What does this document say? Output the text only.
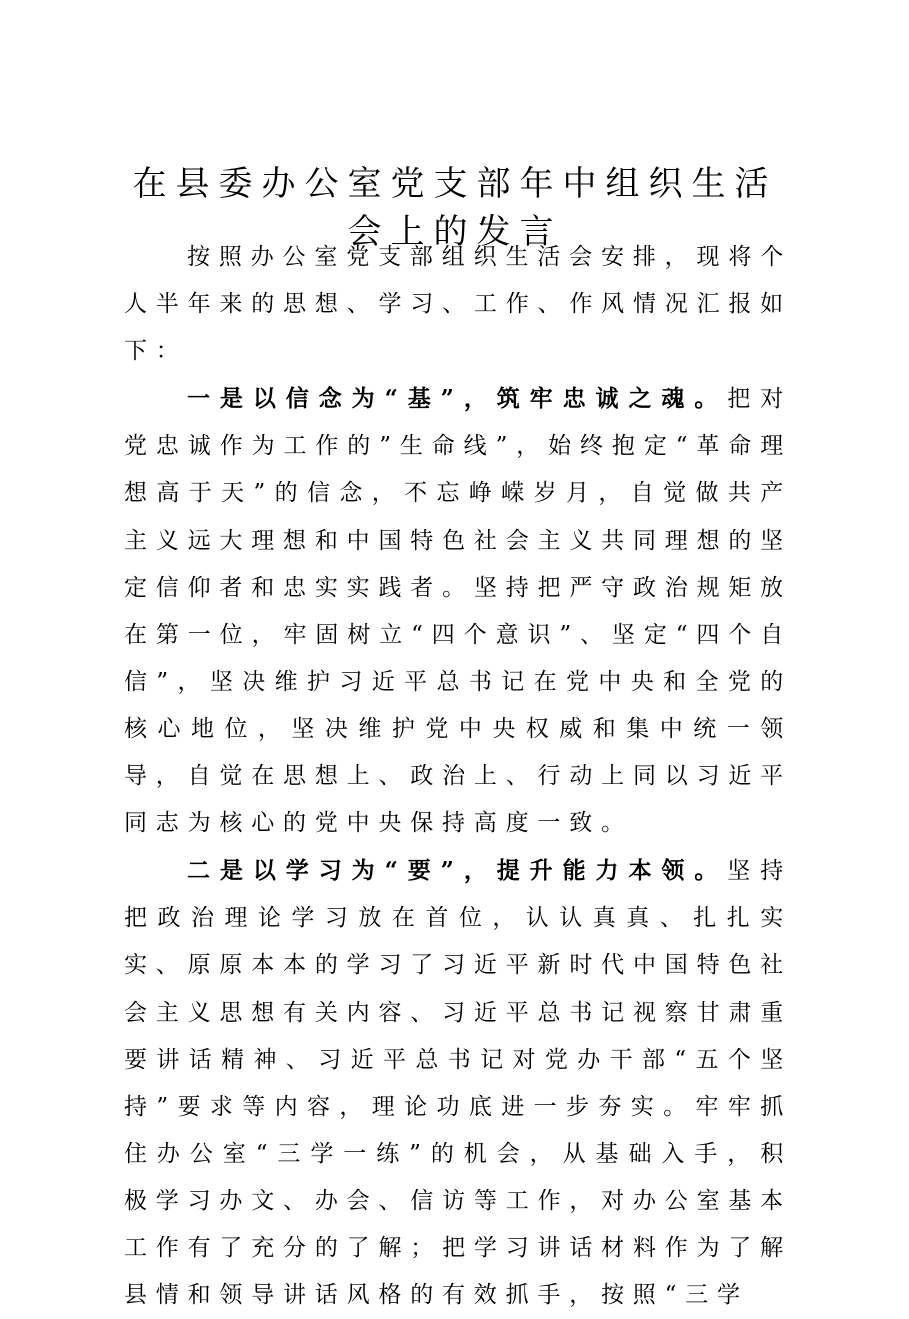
在县委办公室党支部年中组织生活
会上的发言

按照办公室党支部组织生活会安排，现将个人半年来的思想、学习、工作、作风情况汇报如下：

一是以信念为“基”，筑牢忠诚之魂。把对党忠诚作为工作的”生命线”，始终抱定“革命理想高于天”的信念，不忘峥嵘岁月，自觉做共产主义远大理想和中国特色社会主义共同理想的坚定信仰者和忠实实践者。坚持把严守政治规矩放在第一位，牢固树立“四个意识”、坚定“四个自信”，坚决维护习近平总书记在党中央和全党的核心地位，坚决维护党中央权威和集中统一领导，自觉在思想上、政治上、行动上同以习近平同志为核心的党中央保持高度一致。

二是以学习为“要”，提升能力本领。坚持把政治理论学习放在首位，认认真真、扎扎实实、原原本本的学习了习近平新时代中国特色社会主义思想有关内容、习近平总书记视察甘肃重要讲话精神、习近平总书记对党办干部“五个坚持”要求等内容，理论功底进一步夯实。牢牢抓住办公室“三学一练”的机会，从基础入手，积极学习办文、办会、信访等工作，对办公室基本工作有了充分的了解；把学习讲话材料作为了解县情和领导讲话风格的有效抓手，按照“三学
